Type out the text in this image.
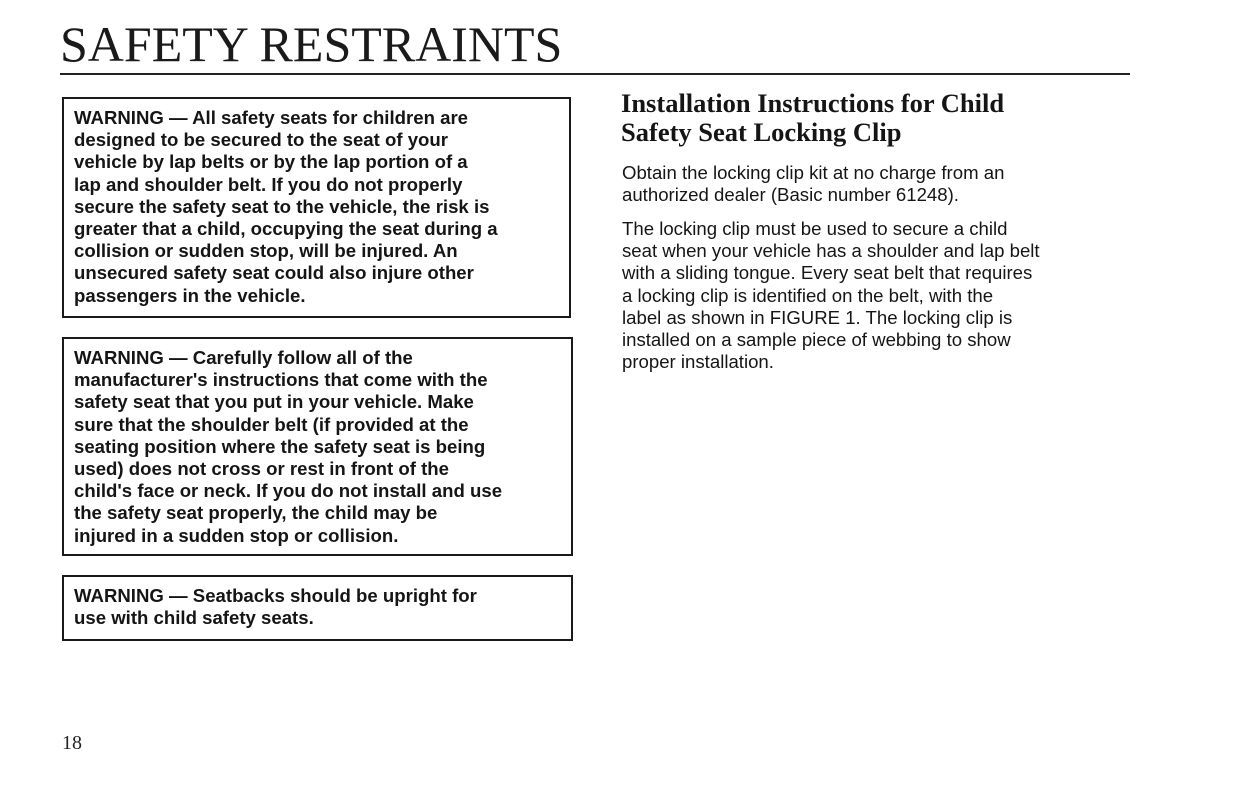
SAFETY RESTRAINTS

WARNING — All safety seats for children are
designed to be secured to the seat of your
vehicle by lap belts or by the lap portion of a
lap and shoulder belt. If you do not properly
secure the safety seat to the vehicle, the risk is
greater that a child, occupying the seat during a
collision or sudden stop, will be injured. An
unsecured safety seat could also injure other
passengers in the vehicle.

WARNING — Carefully follow all of the
manufacturer's instructions that come with the
safety seat that you put in your vehicle. Make
sure that the shoulder belt (if provided at the
seating position where the safety seat is being
used) does not cross or rest in front of the
child's face or neck. If you do not install and use
the safety seat properly, the child may be
injured in a sudden stop or collision.

WARNING — Seatbacks should be upright for
use with child safety seats.

Installation Instructions for Child
Safety Seat Locking Clip

Obtain the locking clip kit at no charge from an
authorized dealer (Basic number 61248).

The locking clip must be used to secure a child
seat when your vehicle has a shoulder and lap belt
with a sliding tongue. Every seat belt that requires
a locking clip is identified on the belt, with the
label as shown in FIGURE 1. The locking clip is
installed on a sample piece of webbing to show
proper installation.

18
